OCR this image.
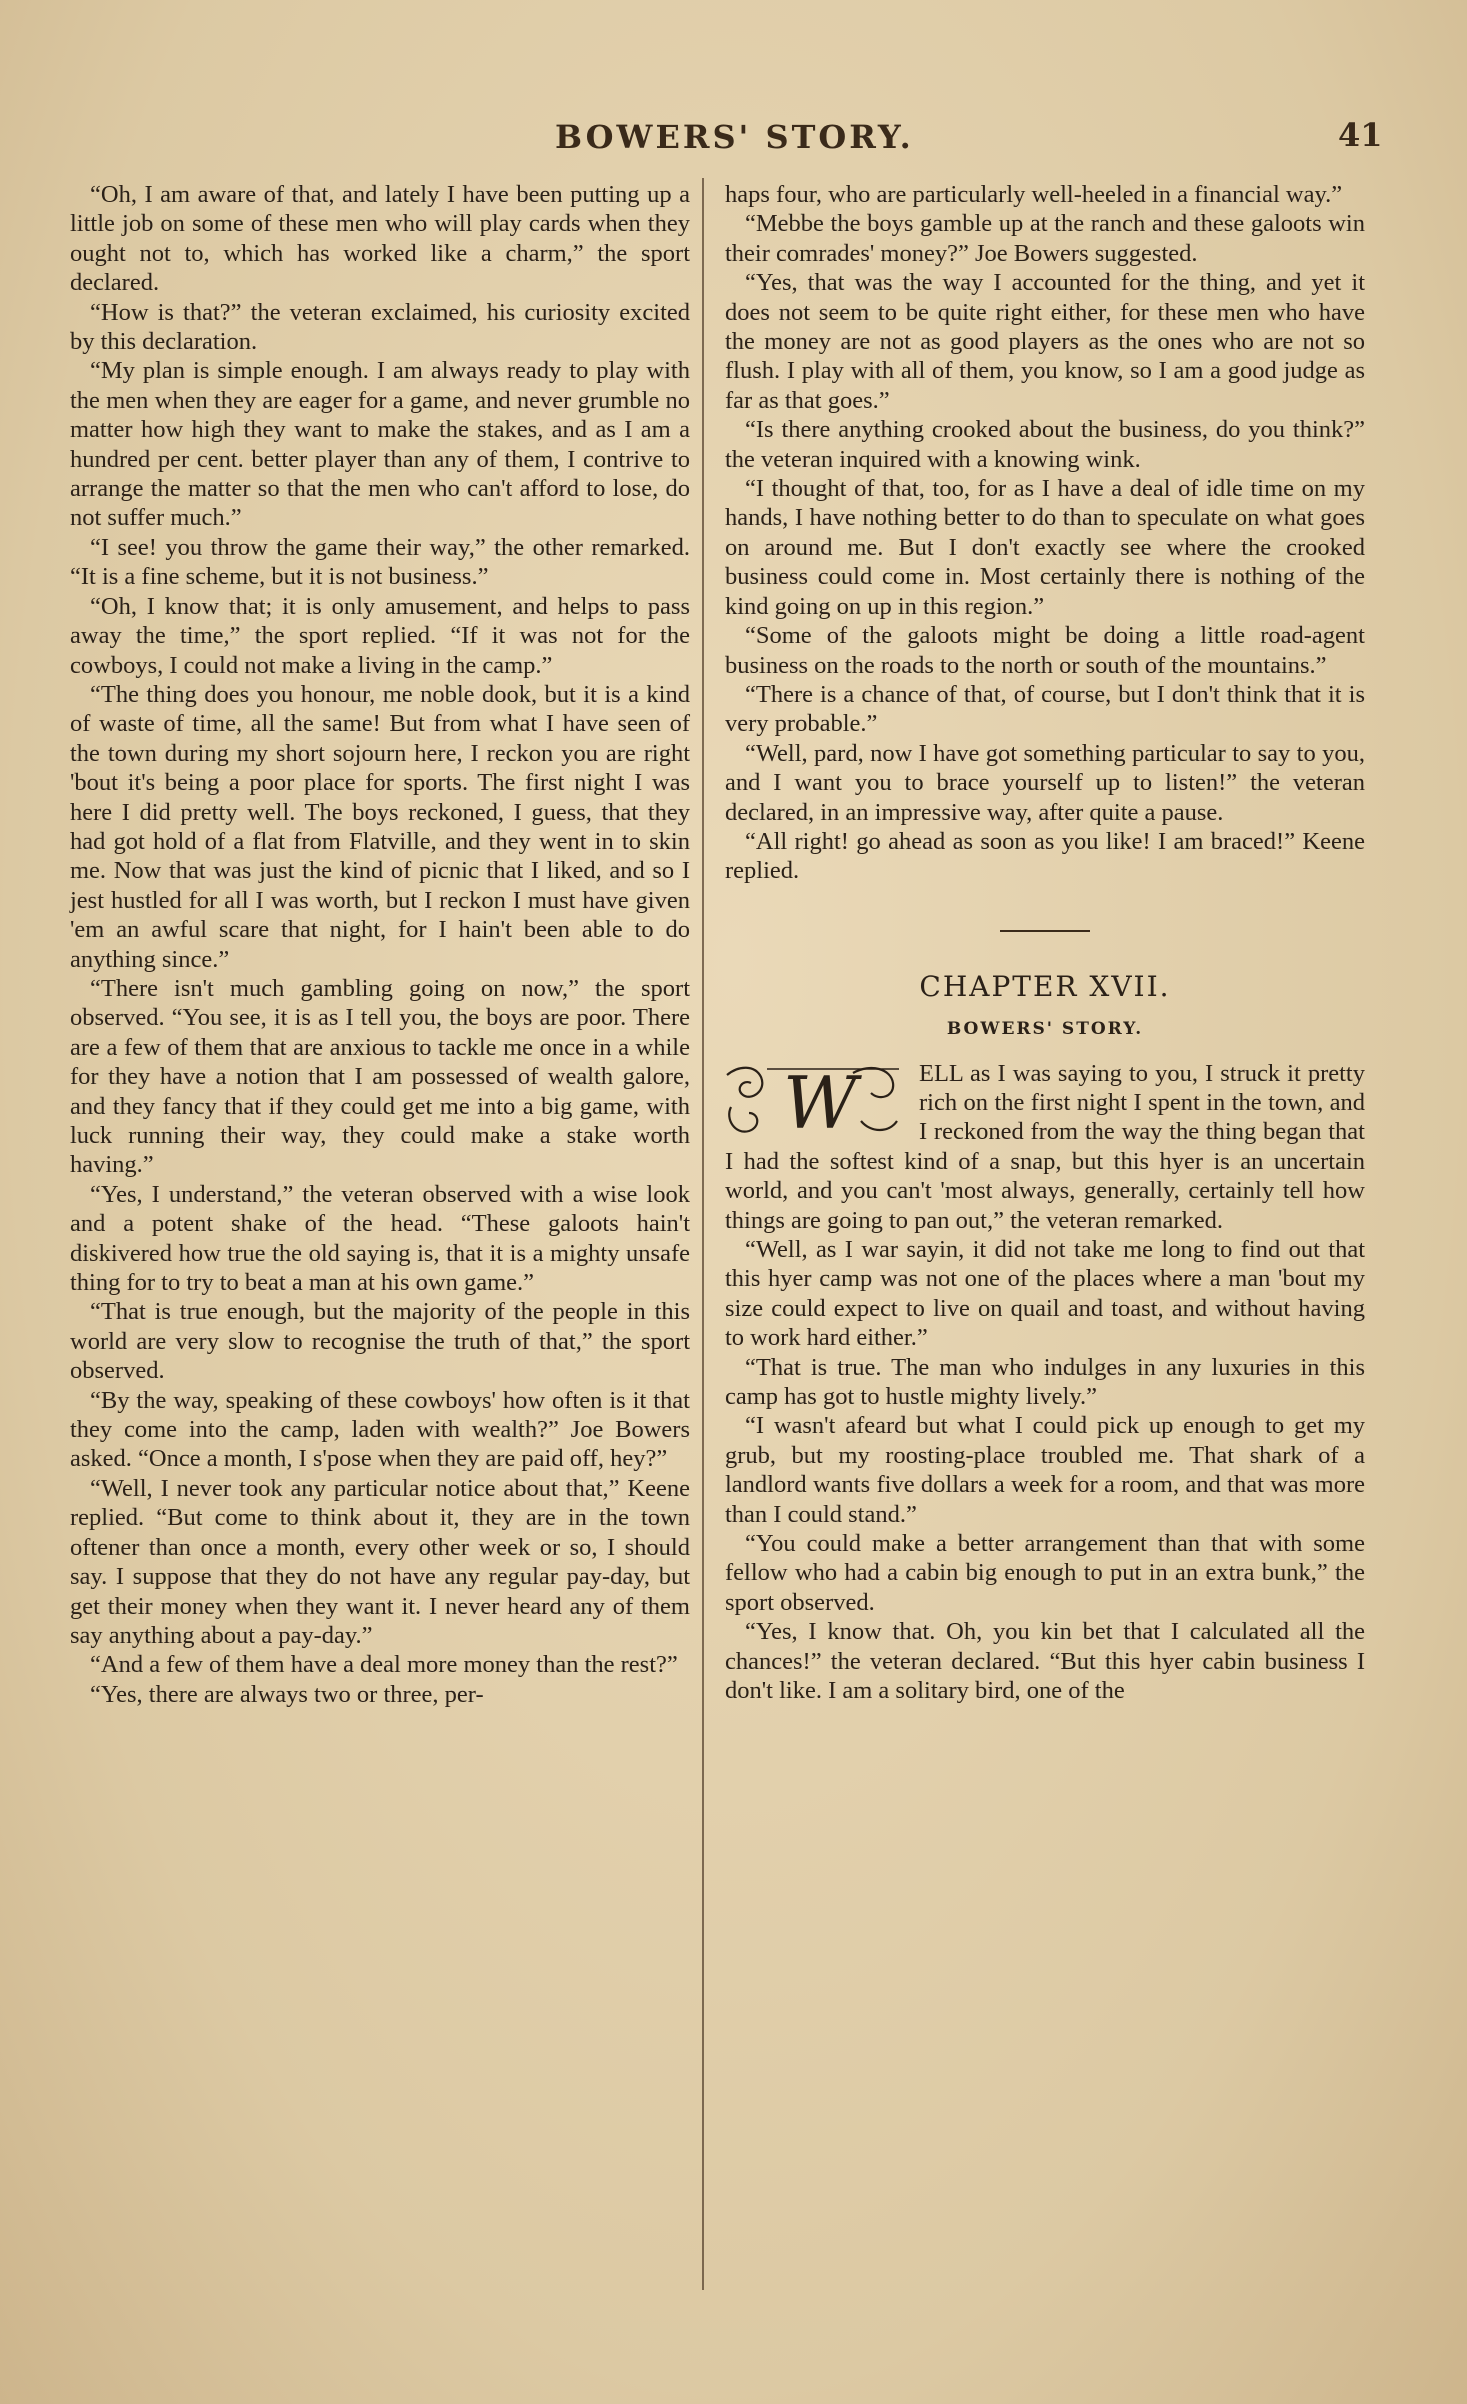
BOWERS' STORY.	41

“Oh, I am aware of that, and lately I have been putting up a little job on some of these men who will play cards when they ought not to, which has worked like a charm,” the sport declared.

“How is that?” the veteran exclaimed, his curiosity excited by this declaration.

“My plan is simple enough. I am always ready to play with the men when they are eager for a game, and never grumble no matter how high they want to make the stakes, and as I am a hundred per cent. better player than any of them, I contrive to arrange the matter so that the men who can't afford to lose, do not suffer much.”

“I see! you throw the game their way,” the other remarked. “It is a fine scheme, but it is not business.”

“Oh, I know that; it is only amusement, and helps to pass away the time,” the sport replied. “If it was not for the cowboys, I could not make a living in the camp.”

“The thing does you honour, me noble dook, but it is a kind of waste of time, all the same! But from what I have seen of the town during my short sojourn here, I reckon you are right 'bout it's being a poor place for sports. The first night I was here I did pretty well. The boys reckoned, I guess, that they had got hold of a flat from Flatville, and they went in to skin me. Now that was just the kind of picnic that I liked, and so I jest hustled for all I was worth, but I reckon I must have given 'em an awful scare that night, for I hain't been able to do anything since.”

“There isn't much gambling going on now,” the sport observed. “You see, it is as I tell you, the boys are poor. There are a few of them that are anxious to tackle me once in a while for they have a notion that I am possessed of wealth galore, and they fancy that if they could get me into a big game, with luck running their way, they could make a stake worth having.”

“Yes, I understand,” the veteran observed with a wise look and a potent shake of the head. “These galoots hain't diskivered how true the old saying is, that it is a mighty unsafe thing for to try to beat a man at his own game.”

“That is true enough, but the majority of the people in this world are very slow to recognise the truth of that,” the sport observed.

“By the way, speaking of these cowboys' how often is it that they come into the camp, laden with wealth?” Joe Bowers asked. “Once a month, I s'pose when they are paid off, hey?”

“Well, I never took any particular notice about that,” Keene replied. “But come to think about it, they are in the town oftener than once a month, every other week or so, I should say. I suppose that they do not have any regular pay-day, but get their money when they want it. I never heard any of them say anything about a pay-day.”

“And a few of them have a deal more money than the rest?”

“Yes, there are always two or three, per-

haps four, who are particularly well-heeled in a financial way.”

“Mebbe the boys gamble up at the ranch and these galoots win their comrades' money?” Joe Bowers suggested.

“Yes, that was the way I accounted for the thing, and yet it does not seem to be quite right either, for these men who have the money are not as good players as the ones who are not so flush. I play with all of them, you know, so I am a good judge as far as that goes.”

“Is there anything crooked about the business, do you think?” the veteran inquired with a knowing wink.

“I thought of that, too, for as I have a deal of idle time on my hands, I have nothing better to do than to speculate on what goes on around me. But I don't exactly see where the crooked business could come in. Most certainly there is nothing of the kind going on up in this region.”

“Some of the galoots might be doing a little road-agent business on the roads to the north or south of the mountains.”

“There is a chance of that, of course, but I don't think that it is very probable.”

“Well, pard, now I have got something particular to say to you, and I want you to brace yourself up to listen!” the veteran declared, in an impressive way, after quite a pause.

“All right! go ahead as soon as you like! I am braced!” Keene replied.

CHAPTER XVII.
BOWERS' STORY.

W	ELL as I was saying to you, I struck it pretty rich on the first night I spent in the town, and I reckoned from the way the thing began that I had the softest kind of a snap, but this hyer is an uncertain world, and you can't 'most always, generally, certainly tell how things are going to pan out,” the veteran remarked.

“Well, as I war sayin, it did not take me long to find out that this hyer camp was not one of the places where a man 'bout my size could expect to live on quail and toast, and without having to work hard either.”

“That is true. The man who indulges in any luxuries in this camp has got to hustle mighty lively.”

“I wasn't afeard but what I could pick up enough to get my grub, but my roosting-place troubled me. That shark of a landlord wants five dollars a week for a room, and that was more than I could stand.”

“You could make a better arrangement than that with some fellow who had a cabin big enough to put in an extra bunk,” the sport observed.

“Yes, I know that. Oh, you kin bet that I calculated all the chances!” the veteran declared. “But this hyer cabin business I don't like. I am a solitary bird, one of the
